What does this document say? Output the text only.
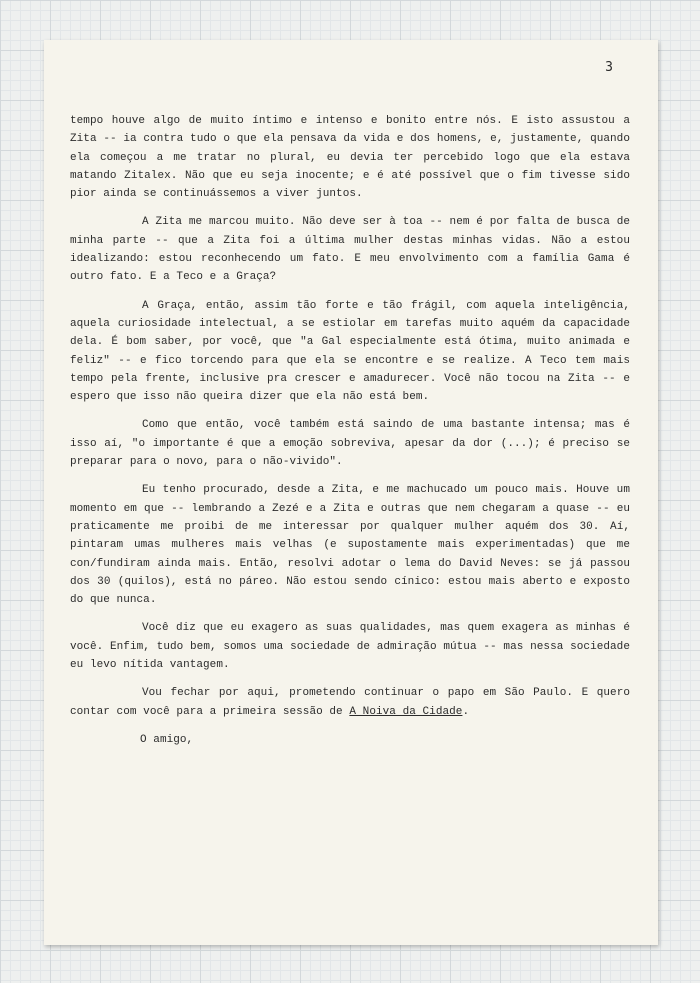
3

tempo houve algo de muito íntimo e intenso e bonito entre nós. E isto assustou a Zita -- ia contra tudo o que ela pensava da vida e dos homens, e, justamente, quando ela começou a me tratar no plural, eu devia ter percebido logo que ela estava matando Zitalex. Não que eu seja inocente; e é até possível que o fim tivesse sido pior ainda se continuássemos a viver juntos.

A Zita me marcou muito. Não deve ser à toa -- nem é por falta de busca de minha parte -- que a Zita foi a última mulher destas minhas vidas. Não a estou idealizando: estou reconhecendo um fato. E meu envolvimento com a família Gama é outro fato. E a Teco e a Graça?

A Graça, então, assim tão forte e tão frágil, com aquela inteligência, aquela curiosidade intelectual, a se estiolar em tarefas muito aquém da capacidade dela. É bom saber, por você, que "a Gal especialmente está ótima, muito animada e feliz" -- e fico torcendo para que ela se encontre e se realize. A Teco tem mais tempo pela frente, inclusive pra crescer e amadurecer. Você não tocou na Zita -- e espero que isso não queira dizer que ela não está bem.

Como que então, você também está saindo de uma bastante intensa; mas é isso aí, "o importante é que a emoção sobreviva, apesar da dor (...); é preciso se preparar para o novo, para o não-vivido".

Eu tenho procurado, desde a Zita, e me machucado um pouco mais. Houve um momento em que -- lembrando a Zezé e a Zita e outras que nem chegaram a quase -- eu praticamente me proibi de me interessar por qualquer mulher aquém dos 30. Aí, pintaram umas mulheres mais velhas (e supostamente mais experimentadas) que me con/fundiram ainda mais. Então, resolvi adotar o lema do David Neves: se já passou dos 30 (quilos), está no páreo. Não estou sendo cínico: estou mais aberto e exposto do que nunca.

Você diz que eu exagero as suas qualidades, mas quem exagera as minhas é você. Enfim, tudo bem, somos uma sociedade de admiração mútua -- mas nessa sociedade eu levo nítida vantagem.

Vou fechar por aqui, prometendo continuar o papo em São Paulo. E quero contar com você para a primeira sessão de A Noiva da Cidade.

O amigo,
